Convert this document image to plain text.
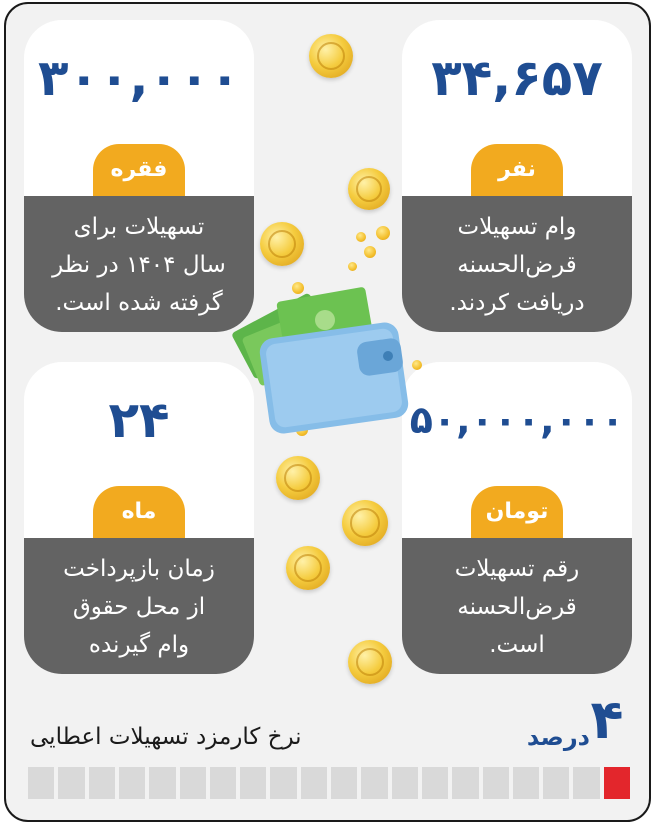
۳۴,۶۵۷
نفر
وام تسهیلات
قرض‌الحسنه
دریافت کردند.
۳۰۰,۰۰۰
فقره
تسهیلات برای
سال ۱۴۰۴ در نظر
گرفته شده است.
۵۰,۰۰۰,۰۰۰
تومان
رقم تسهیلات
قرض‌الحسنه
است.
۲۴
ماه
زمان بازپرداخت
از محل حقوق
وام گیرنده
۴
درصد
نرخ کارمزد تسهیلات اعطایی
